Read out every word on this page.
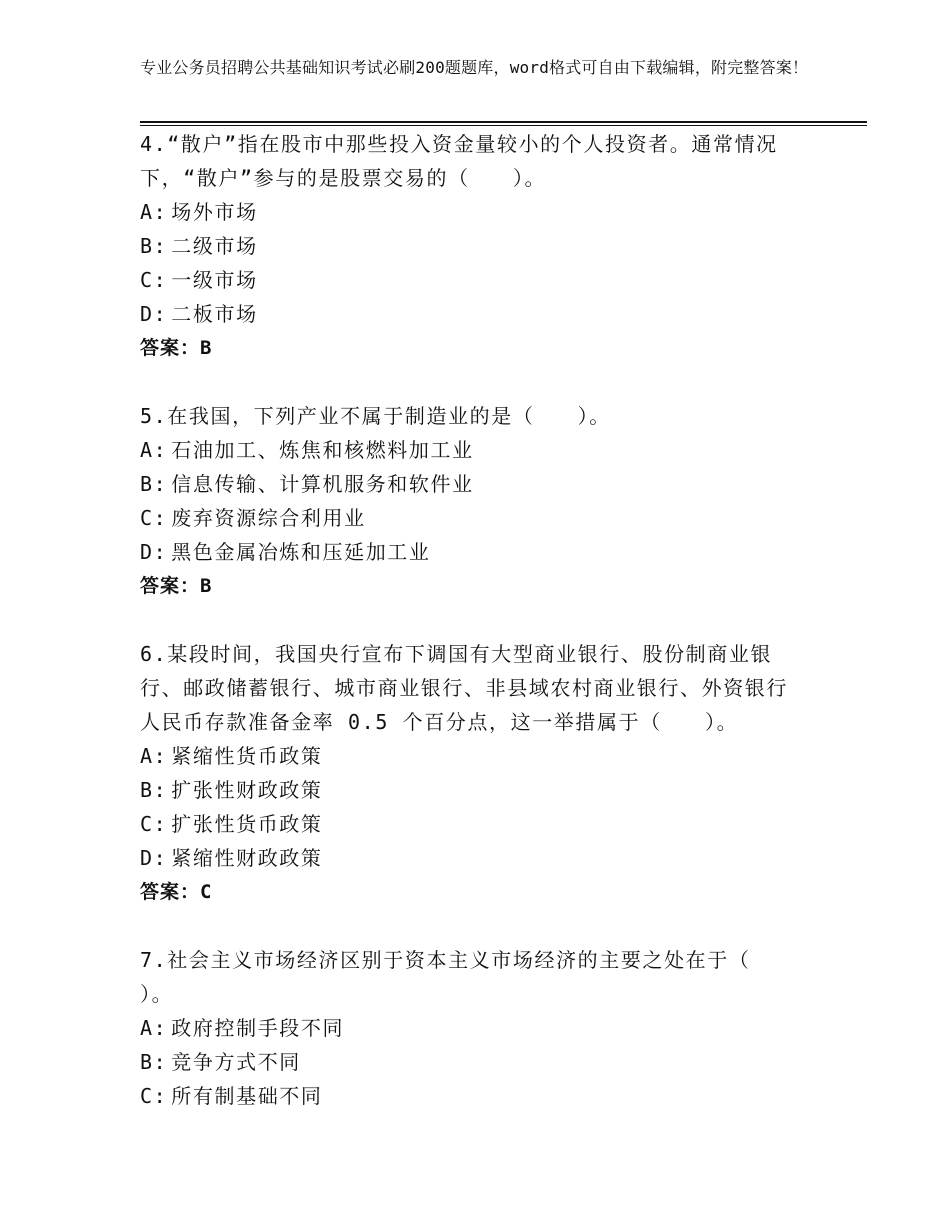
专业公务员招聘公共基础知识考试必刷200题题库，word格式可自由下载编辑，附完整答案！

4.“散户”指在股市中那些投入资金量较小的个人投资者。通常情况

下，“散户”参与的是股票交易的（　　）。

A: 场外市场

B: 二级市场

C: 一级市场

D: 二板市场

答案：B

5.在我国，下列产业不属于制造业的是（　　）。

A: 石油加工、炼焦和核燃料加工业

B: 信息传输、计算机服务和软件业

C: 废弃资源综合利用业

D: 黑色金属冶炼和压延加工业

答案：B

6.某段时间，我国央行宣布下调国有大型商业银行、股份制商业银

行、邮政储蓄银行、城市商业银行、非县域农村商业银行、外资银行

人民币存款准备金率 0.5 个百分点，这一举措属于（　　）。

A: 紧缩性货币政策

B: 扩张性财政政策

C: 扩张性货币政策

D: 紧缩性财政政策

答案：C

7.社会主义市场经济区别于资本主义市场经济的主要之处在于（

）。

A: 政府控制手段不同

B: 竞争方式不同

C: 所有制基础不同
